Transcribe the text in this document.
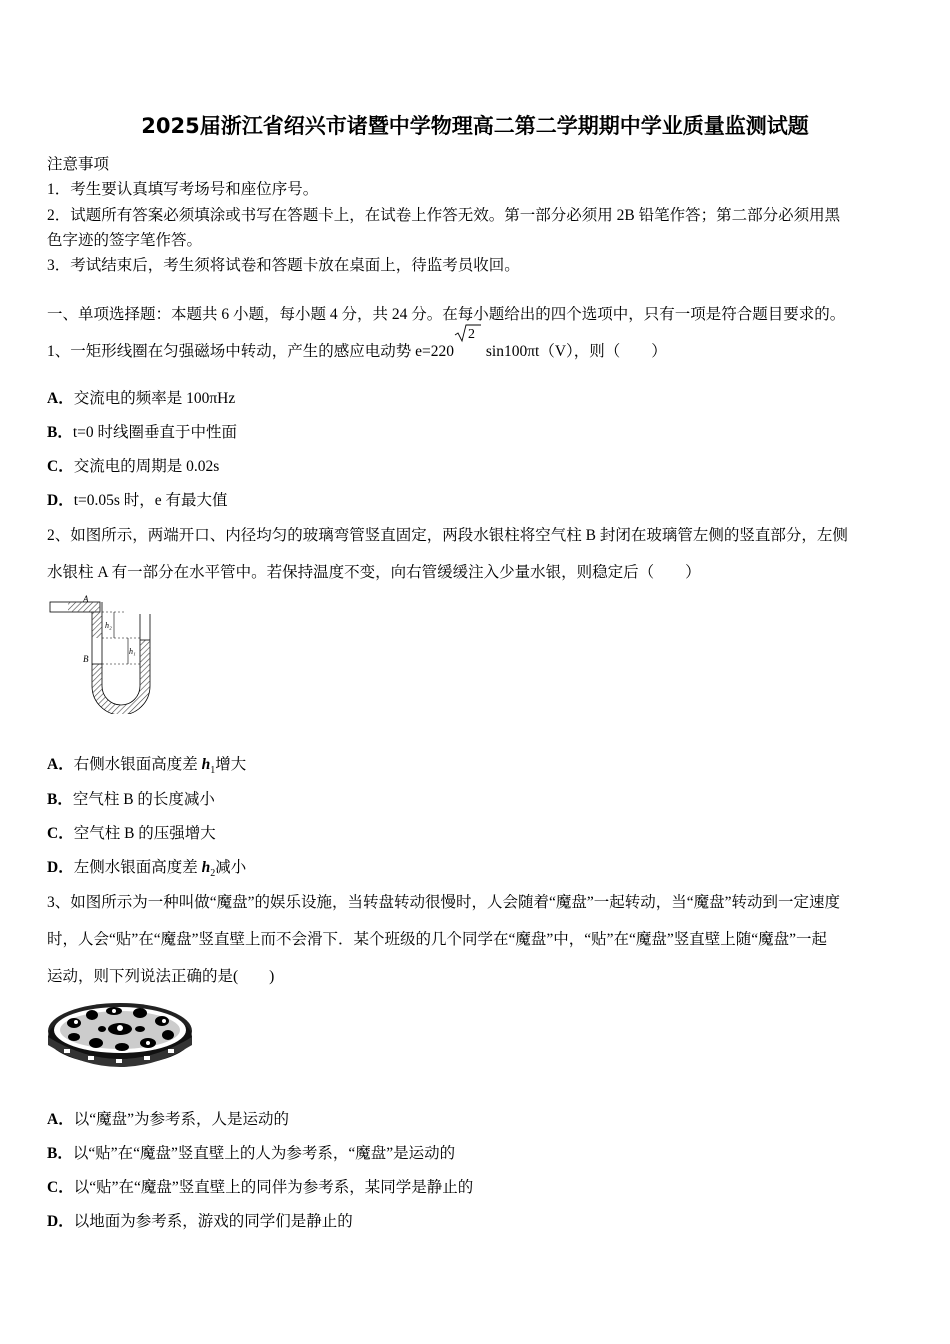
2025届浙江省绍兴市诸暨中学物理高二第二学期期中学业质量监测试题
注意事项
1．考生要认真填写考场号和座位序号。
2．试题所有答案必须填涂或书写在答题卡上，在试卷上作答无效。第一部分必须用 2B 铅笔作答；第二部分必须用黑
色字迹的签字笔作答。
3．考试结束后，考生须将试卷和答题卡放在桌面上，待监考员收回。
一、单项选择题：本题共 6 小题，每小题 4 分，共 24 分。在每小题给出的四个选项中，只有一项是符合题目要求的。
1、一矩形线圈在匀强磁场中转动，产生的感应电动势 e=220
2
sin100πt（V），则（　　）
A．交流电的频率是 100πHz
B．t=0 时线圈垂直于中性面
C．交流电的周期是 0.02s
D．t=0.05s 时，e 有最大值
2、如图所示，两端开口、内径均匀的玻璃弯管竖直固定，两段水银柱将空气柱 B 封闭在玻璃管左侧的竖直部分，左侧
水银柱 A 有一部分在水平管中。若保持温度不变，向右管缓缓注入少量水银，则稳定后（　　）
A
B
h₂
h₁
A．右侧水银面高度差 $h_1$增大
B．空气柱 B 的长度减小
C．空气柱 B 的压强增大
D．左侧水银面高度差 $h_2$减小
3、如图所示为一种叫做“魔盘”的娱乐设施，当转盘转动很慢时，人会随着“魔盘”一起转动，当“魔盘”转动到一定速度
时，人会“贴”在“魔盘”竖直壁上而不会滑下．某个班级的几个同学在“魔盘”中，“贴”在“魔盘”竖直壁上随“魔盘”一起
运动，则下列说法正确的是(　　)
A．以“魔盘”为参考系，人是运动的
B．以“贴”在“魔盘”竖直壁上的人为参考系，“魔盘”是运动的
C．以“贴”在“魔盘”竖直壁上的同伴为参考系，某同学是静止的
D．以地面为参考系，游戏的同学们是静止的
